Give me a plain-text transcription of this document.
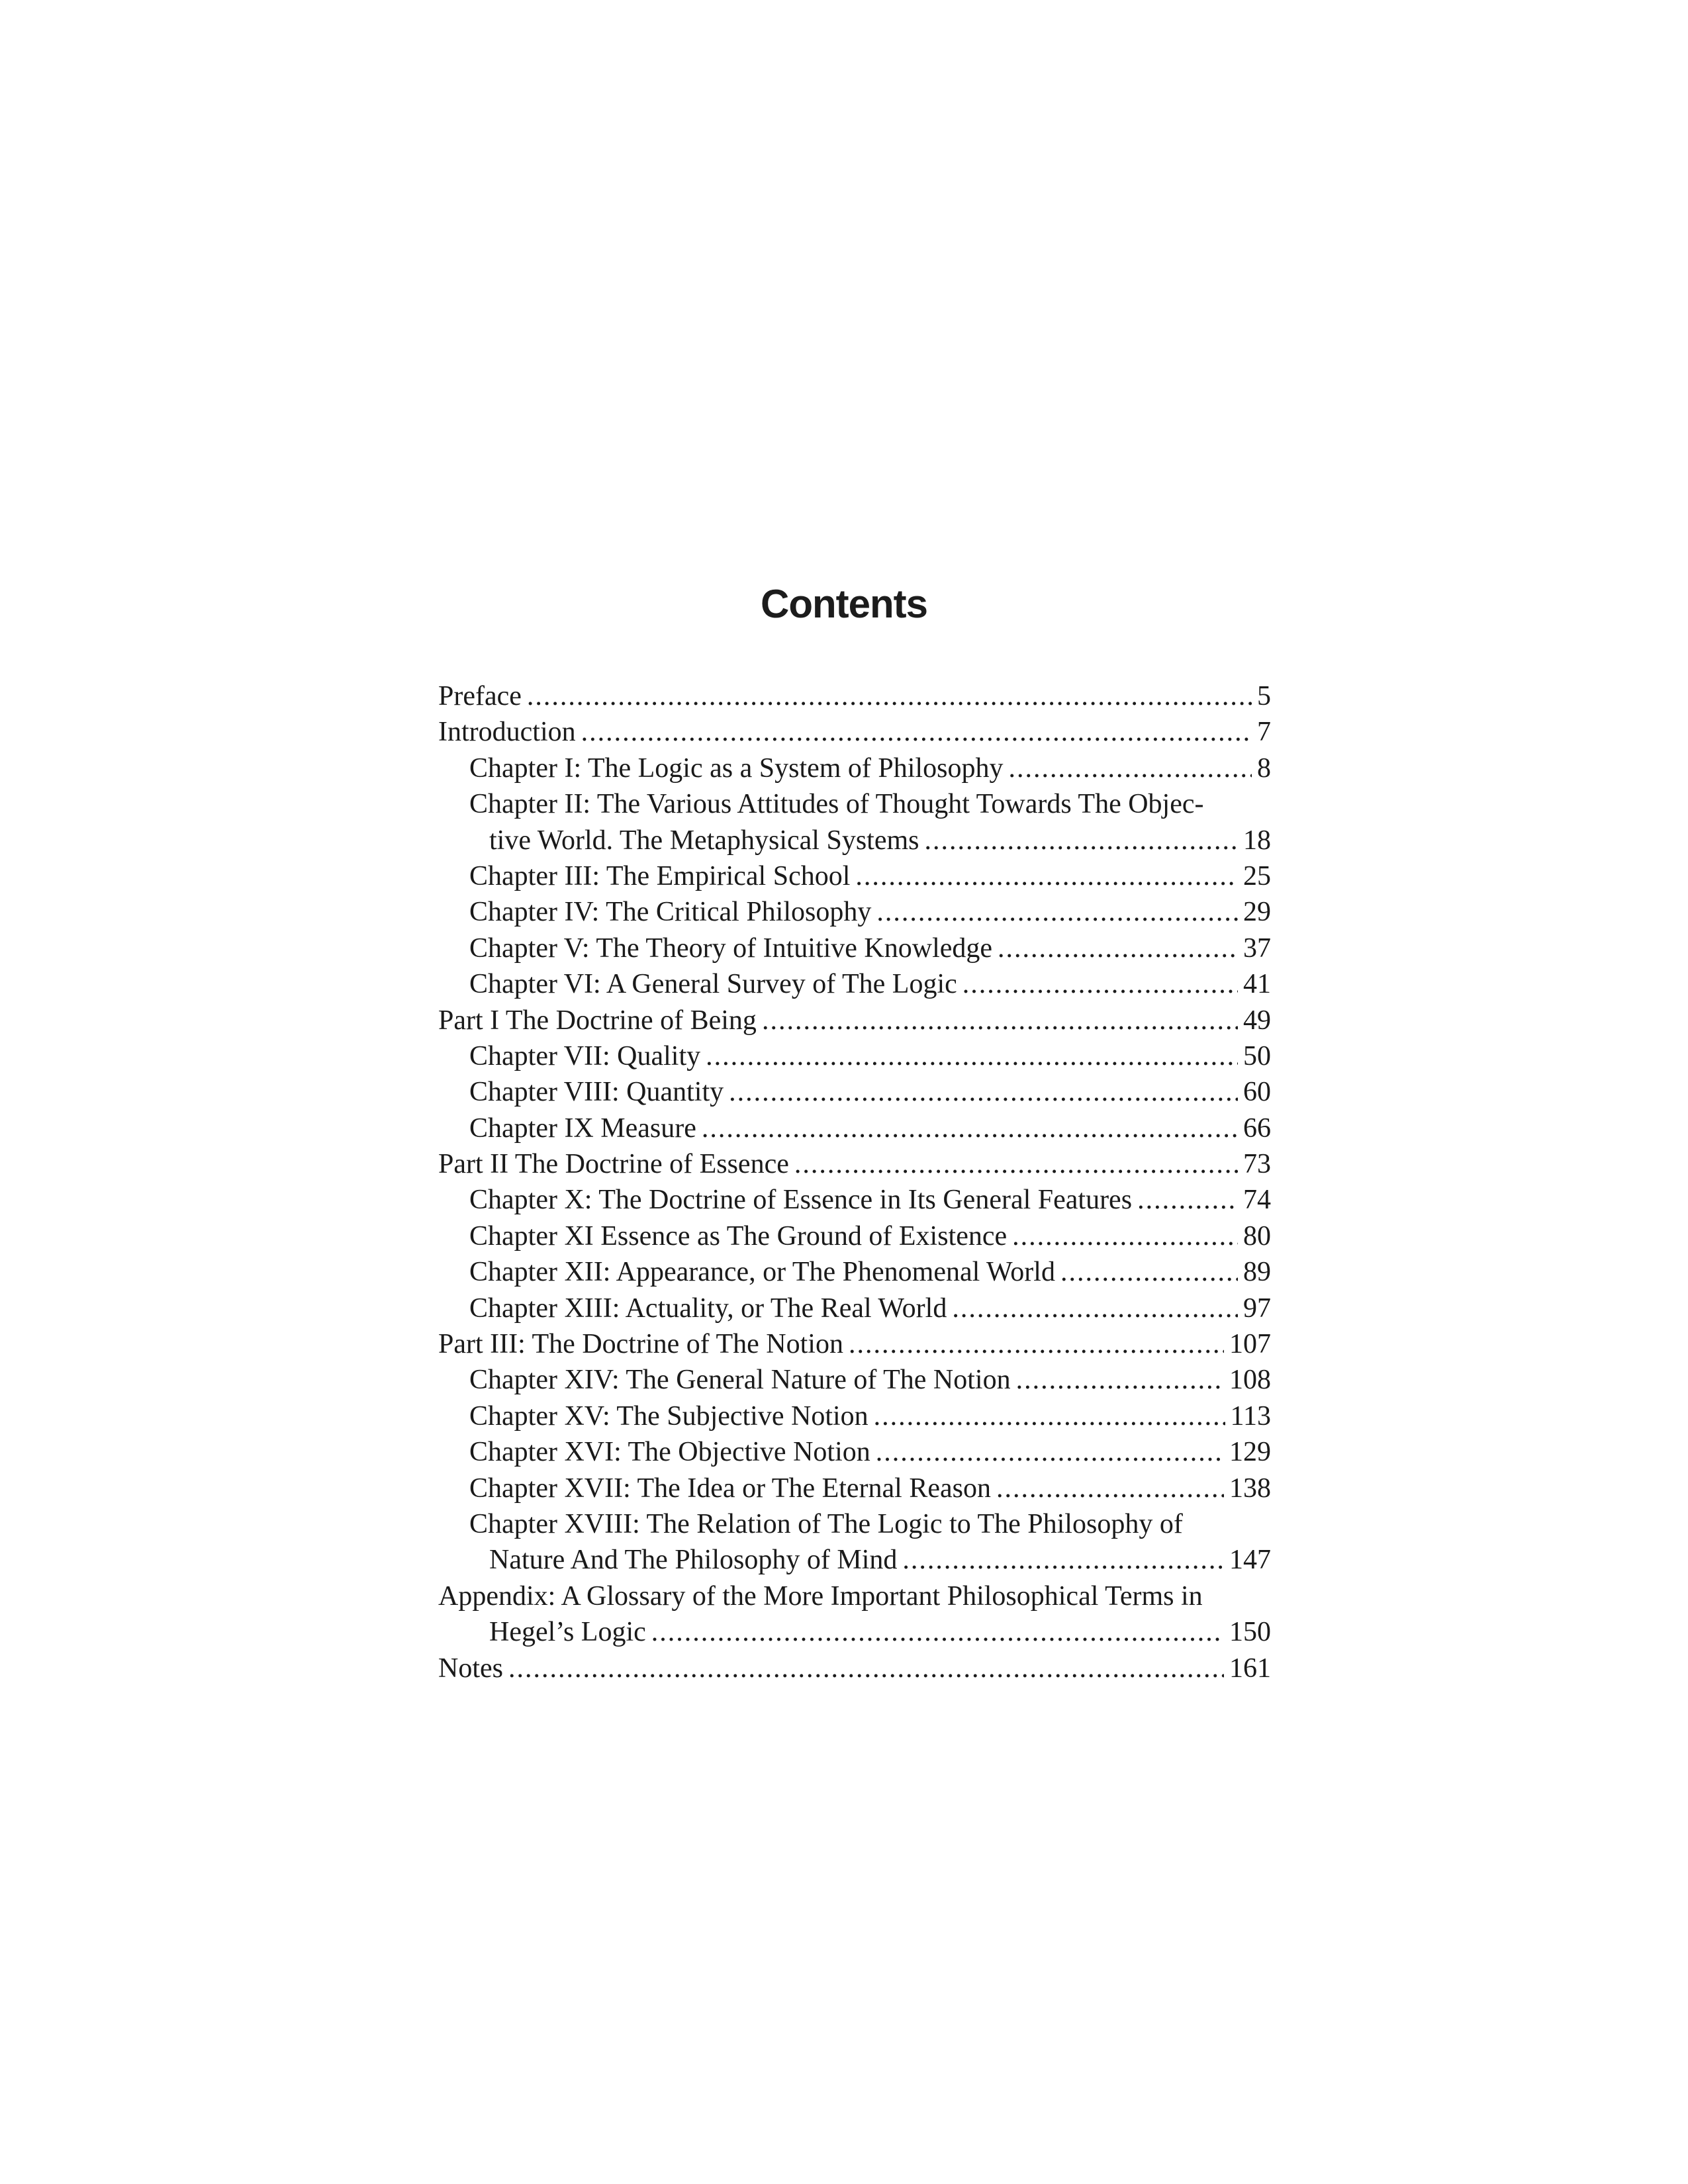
Contents
Preface .....	5
Introduction .....	7
Chapter I: The Logic as a System of Philosophy .....	8
Chapter II: The Various Attitudes of Thought Towards The Objec-
tive World. The Metaphysical Systems .....	18
Chapter III: The Empirical School .....	25
Chapter IV: The Critical Philosophy .....	29
Chapter V: The Theory of Intuitive Knowledge .....	37
Chapter VI: A General Survey of The Logic .....	41
Part I The Doctrine of Being .....	49
Chapter VII: Quality .....	50
Chapter VIII: Quantity .....	60
Chapter IX Measure .....	66
Part II The Doctrine of Essence .....	73
Chapter X: The Doctrine of Essence in Its General Features .....	74
Chapter XI Essence as The Ground of Existence .....	80
Chapter XII: Appearance, or The Phenomenal World .....	89
Chapter XIII: Actuality, or The Real World .....	97
Part III: The Doctrine of The Notion .....	107
Chapter XIV: The General Nature of The Notion .....	108
Chapter XV: The Subjective Notion .....	113
Chapter XVI: The Objective Notion .....	129
Chapter XVII: The Idea or The Eternal Reason .....	138
Chapter XVIII: The Relation of The Logic to The Philosophy of
Nature And The Philosophy of Mind .....	147
Appendix: A Glossary of the More Important Philosophical Terms in
Hegel’s Logic .....	150
Notes .....	161
